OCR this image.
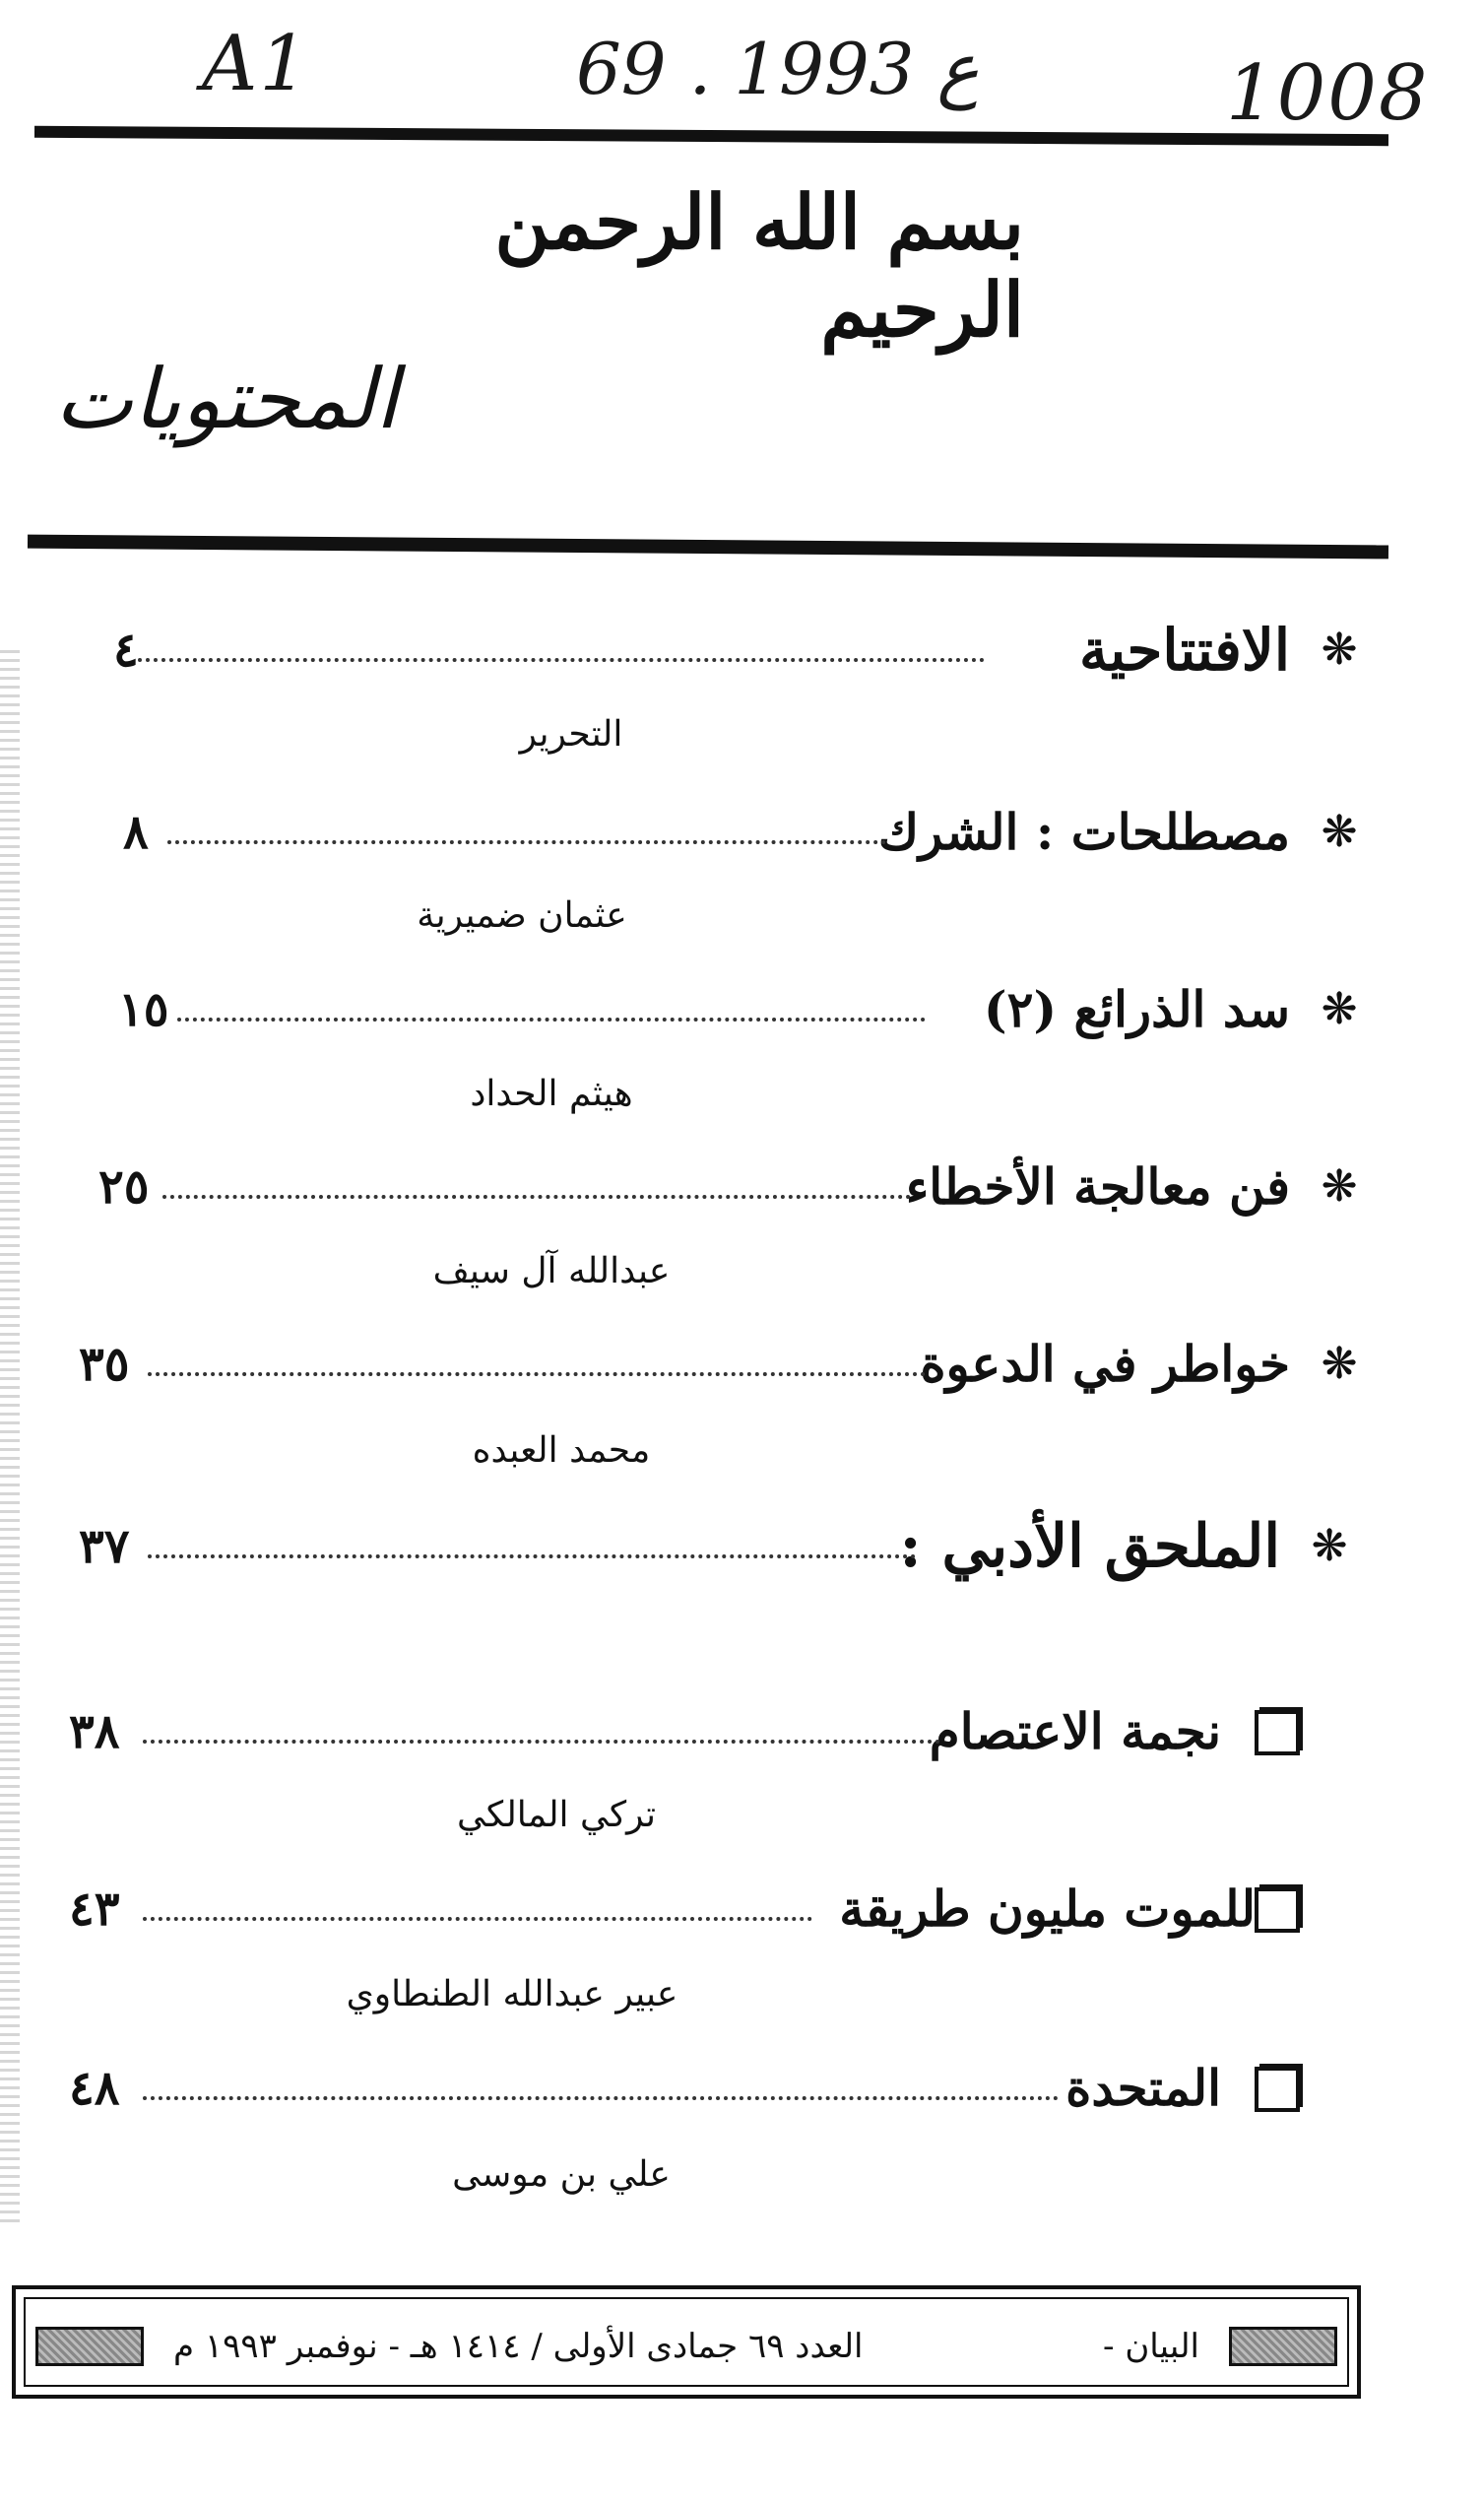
A1	69 . ع 1993	1008
بسم الله الرحمن الرحيم
المحتويات
❋
الافتتاحية
٤
التحرير
❋
مصطلحات : الشرك
٨
عثمان ضميرية
❋
سد الذرائع (٢)
١٥
هيثم الحداد
❋
فن معالجة الأخطاء
٢٥
عبدالله آل سيف
❋
خواطر في الدعوة
٣٥
محمد العبده
❋
الملحق الأدبي :
٣٧
نجمة الاعتصام
٣٨
تركي المالكي
للموت مليون طريقة
٤٣
عبير عبدالله الطنطاوي
المتحدة
٤٨
علي بن موسى
العدد ٦٩ جمادى الأولى / ١٤١٤ هـ - نوفمبر ١٩٩٣ م	البيان -
